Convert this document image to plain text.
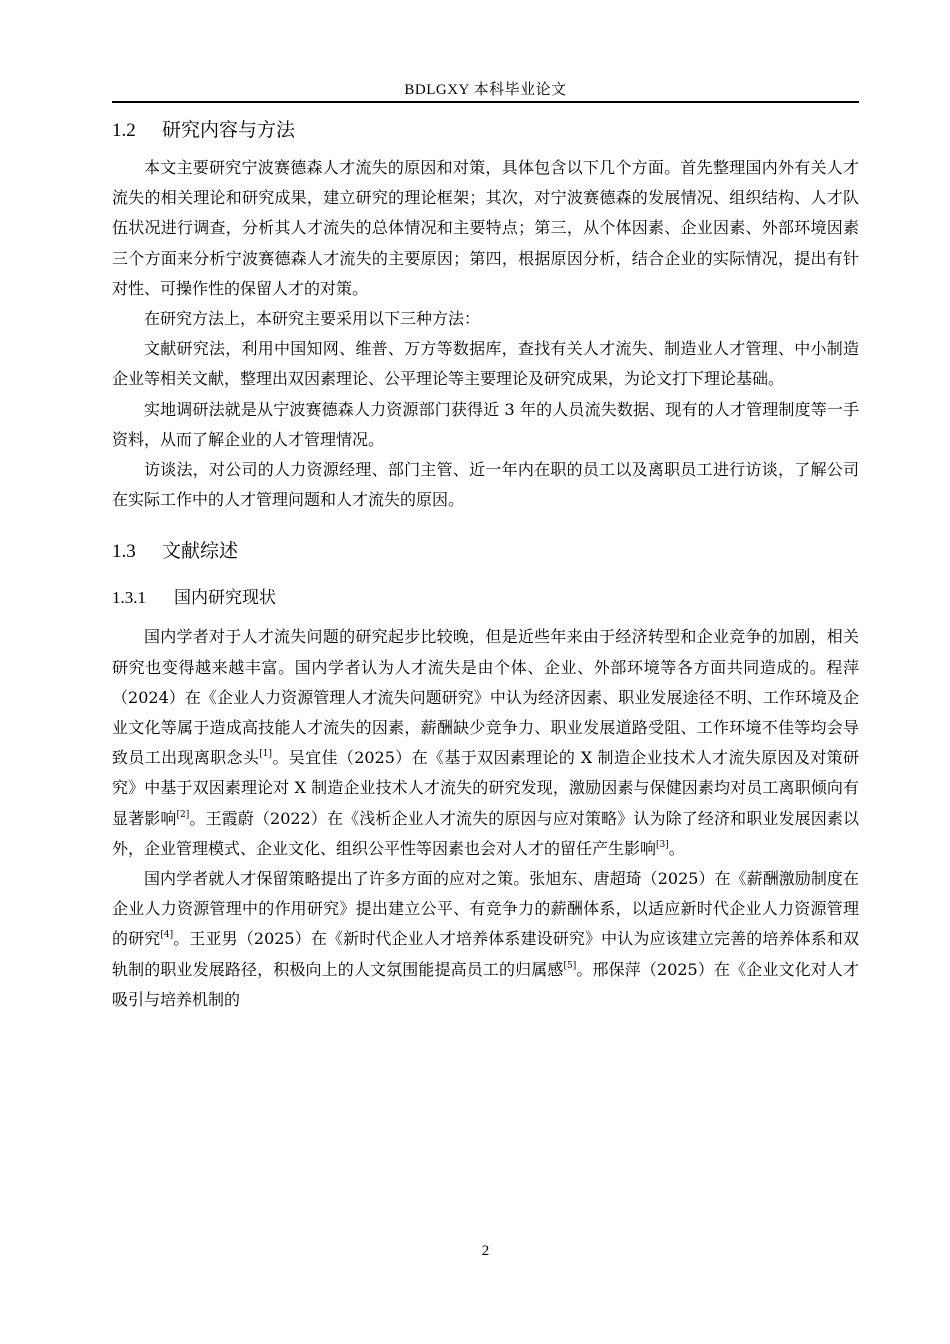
BDLGXY 本科毕业论文
1.2 研究内容与方法

本文主要研究宁波赛德森人才流失的原因和对策，具体包含以下几个方面。首先整理国内外有关人才流失的相关理论和研究成果，建立研究的理论框架；其次，对宁波赛德森的发展情况、组织结构、人才队伍状况进行调查，分析其人才流失的总体情况和主要特点；第三，从个体因素、企业因素、外部环境因素三个方面来分析宁波赛德森人才流失的主要原因；第四，根据原因分析，结合企业的实际情况，提出有针对性、可操作性的保留人才的对策。

在研究方法上，本研究主要采用以下三种方法：

文献研究法，利用中国知网、维普、万方等数据库，查找有关人才流失、制造业人才管理、中小制造企业等相关文献，整理出双因素理论、公平理论等主要理论及研究成果，为论文打下理论基础。

实地调研法就是从宁波赛德森人力资源部门获得近 3 年的人员流失数据、现有的人才管理制度等一手资料，从而了解企业的人才管理情况。

访谈法，对公司的人力资源经理、部门主管、近一年内在职的员工以及离职员工进行访谈，了解公司在实际工作中的人才管理问题和人才流失的原因。

1.3 文献综述
1.3.1 国内研究现状

国内学者对于人才流失问题的研究起步比较晚，但是近些年来由于经济转型和企业竞争的加剧，相关研究也变得越来越丰富。国内学者认为人才流失是由个体、企业、外部环境等各方面共同造成的。程萍（2024）在《企业人力资源管理人才流失问题研究》中认为经济因素、职业发展途径不明、工作环境及企业文化等属于造成高技能人才流失的因素，薪酬缺少竞争力、职业发展道路受阻、工作环境不佳等均会导致员工出现离职念头[1]。吴宜佳（2025）在《基于双因素理论的 X 制造企业技术人才流失原因及对策研究》中基于双因素理论对 X 制造企业技术人才流失的研究发现，激励因素与保健因素均对员工离职倾向有显著影响[2]。王霞蔚（2022）在《浅析企业人才流失的原因与应对策略》认为除了经济和职业发展因素以外，企业管理模式、企业文化、组织公平性等因素也会对人才的留任产生影响[3]。

国内学者就人才保留策略提出了许多方面的应对之策。张旭东、唐超琦（2025）在《薪酬激励制度在企业人力资源管理中的作用研究》提出建立公平、有竞争力的薪酬体系，以适应新时代企业人力资源管理的研究[4]。王亚男（2025）在《新时代企业人才培养体系建设研究》中认为应该建立完善的培养体系和双轨制的职业发展路径，积极向上的人文氛围能提高员工的归属感[5]。邢保萍（2025）在《企业文化对人才吸引与培养机制的

2
